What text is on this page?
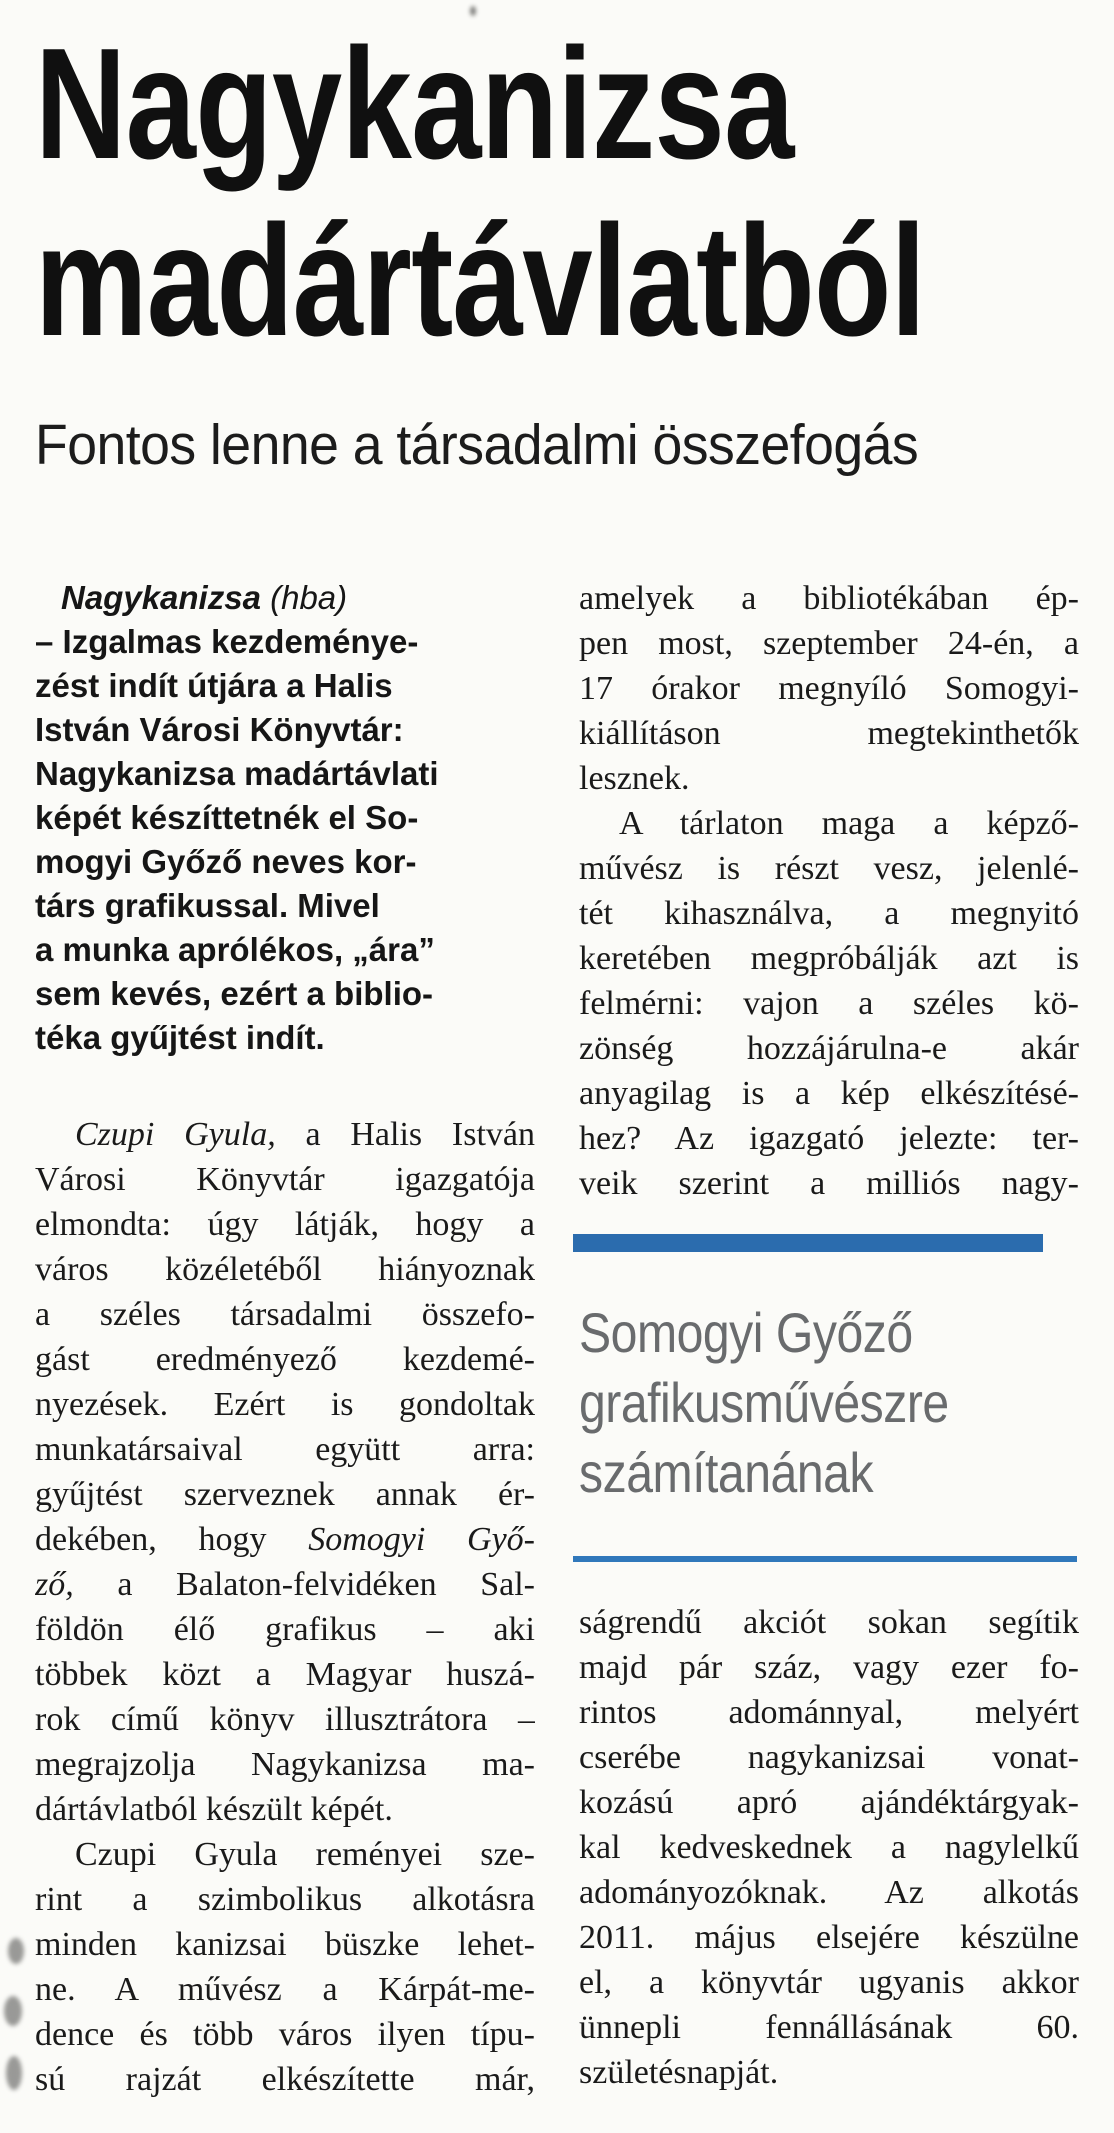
Nagykanizsa
madártávlatból
Fontos lenne a társadalmi összefogás
Nagykanizsa (hba)
– Izgalmas kezdeménye-
zést indít útjára a Halis
István Városi Könyvtár:
Nagykanizsa madártávlati
képét készíttetnék el So-
mogyi Győző neves kor-
társ grafikussal. Mivel
a munka aprólékos, „ára”
sem kevés, ezért a biblio-
téka gyűjtést indít.
Czupi Gyula, a Halis István
Városi Könyvtár igazgatója
elmondta: úgy látják, hogy a
város közéletéből hiányoznak
a széles társadalmi összefo-
gást eredményező kezdemé-
nyezések. Ezért is gondoltak
munkatársaival együtt arra:
gyűjtést szerveznek annak ér-
dekében, hogy Somogyi Győ-
ző, a Balaton-felvidéken Sal-
földön élő grafikus – aki
többek közt a Magyar huszá-
rok című könyv illusztrátora –
megrajzolja Nagykanizsa ma-
dártávlatból készült képét.
Czupi Gyula reményei sze-
rint a szimbolikus alkotásra
minden kanizsai büszke lehet-
ne. A művész a Kárpát-me-
dence és több város ilyen típu-
sú rajzát elkészítette már,
amelyek a bibliotékában ép-
pen most, szeptember 24-én, a
17 órakor megnyíló Somogyi-
kiállításon megtekinthetők
lesznek.
A tárlaton maga a képző-
művész is részt vesz, jelenlé-
tét kihasználva, a megnyitó
keretében megpróbálják azt is
felmérni: vajon a széles kö-
zönség hozzájárulna-e akár
anyagilag is a kép elkészítésé-
hez? Az igazgató jelezte: ter-
veik szerint a milliós nagy-
Somogyi Győző
grafikusművészre
számítanának
ságrendű akciót sokan segítik
majd pár száz, vagy ezer fo-
rintos adománnyal, melyért
cserébe nagykanizsai vonat-
kozású apró ajándéktárgyak-
kal kedveskednek a nagylelkű
adományozóknak. Az alkotás
2011. május elsejére készülne
el, a könyvtár ugyanis akkor
ünnepli fennállásának 60.
születésnapját.
